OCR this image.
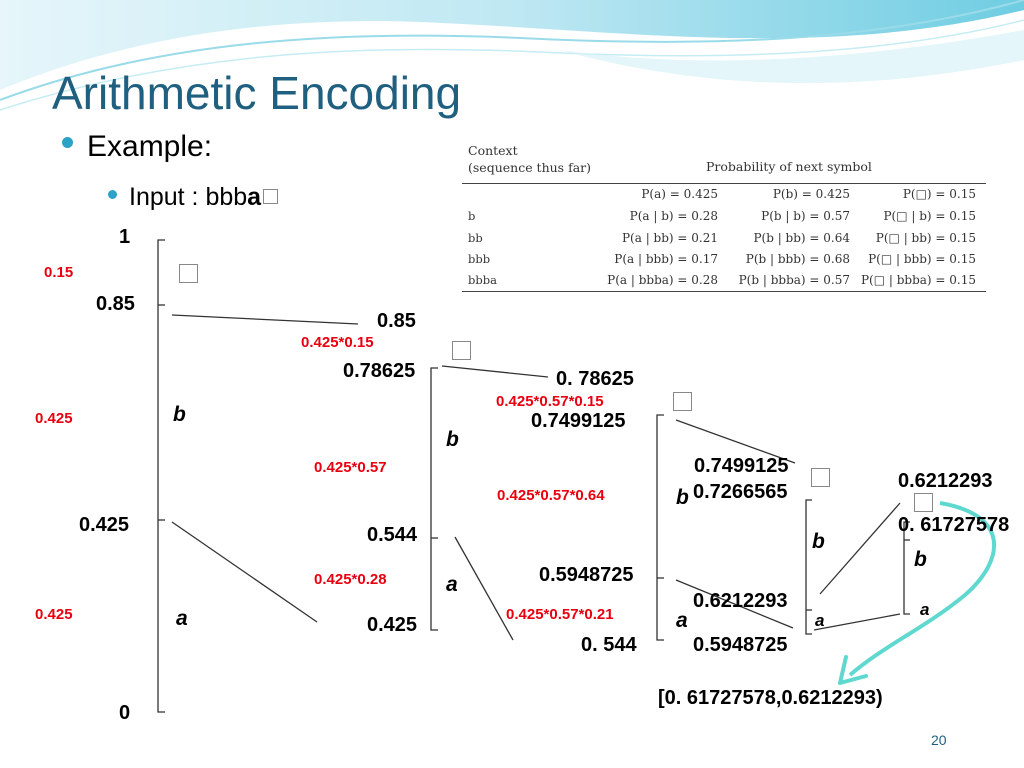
Arithmetic Encoding
Example:
Input : bbba
Context
(sequence thus far)	Probability of next symbol
P(a) = 0.425	P(b) = 0.425	P(□) = 0.15
b	P(a | b) = 0.28	P(b | b) = 0.57	P(□ | b) = 0.15
bb	P(a | bb) = 0.21	P(b | bb) = 0.64 P(□ | bb) = 0.15
bbb	P(a | bbb) = 0.17 P(b | bbb) = 0.68 P(□ | bbb) = 0.15
bbba	P(a | bbba) = 0.28 P(b | bbba) = 0.57 P(□ | bbba) = 0.15
1
0.85
0.425
0
0.15
0.425
0.425
b
a
0.85
0.78625
0.544
0.425
0.425*0.15
0.425*0.57
0.425*0.28
b
a
0. 78625
0.7499125
0.5948725
0. 544
0.425*0.57*0.15
0.425*0.57*0.64
0.425*0.57*0.21
b
a
0.7499125
0.7266565
0.6212293
0.5948725
b
a
0.6212293
0. 61727578
b
a
[0. 61727578,0.6212293)
20
